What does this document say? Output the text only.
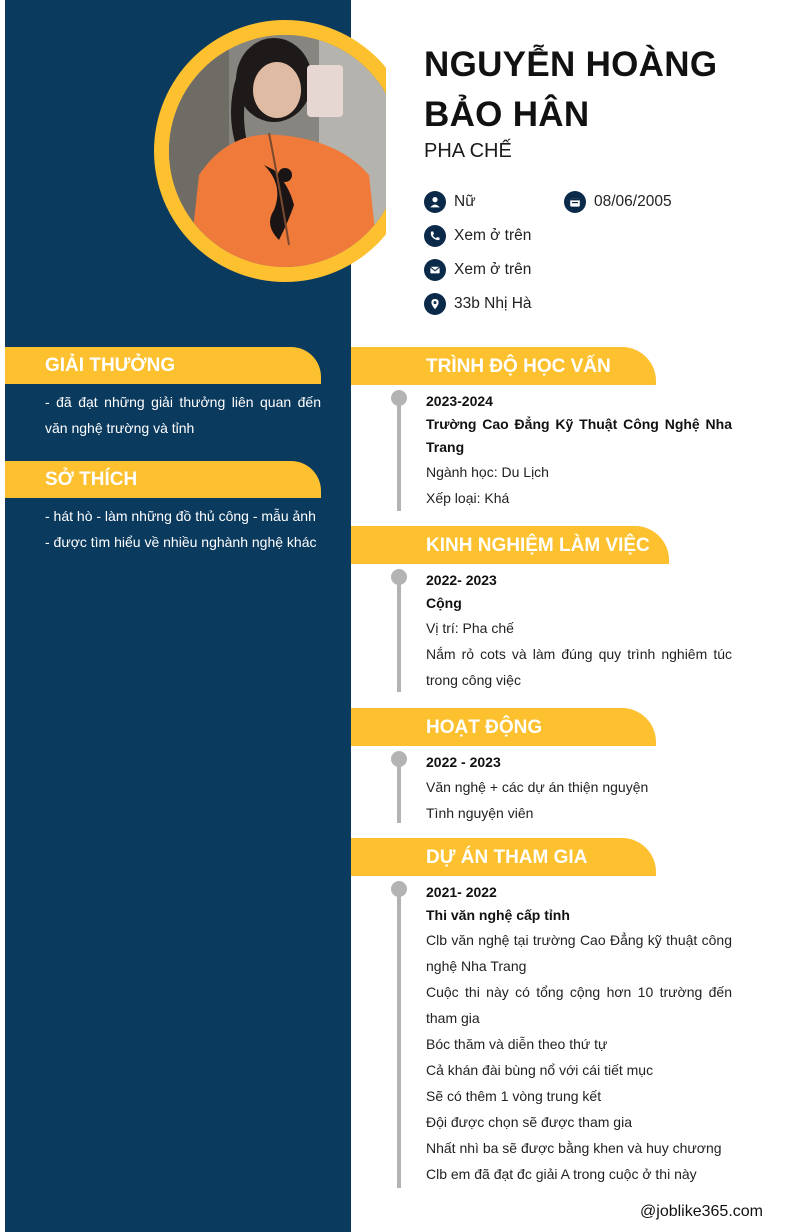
NGUYỄN HOÀNG BẢO HÂN
PHA CHẾ
Nữ	08/06/2005
Xem ở trên
Xem ở trên
33b Nhị Hà
GIẢI THƯỞNG
- đã đạt những giải thưởng liên quan đến văn nghệ trường và tỉnh
SỞ THÍCH
- hát hò - làm những đồ thủ công - mẫu ảnh - được tìm hiểu về nhiều nghành nghệ khác
TRÌNH ĐỘ HỌC VẤN
2023-2024
Trường Cao Đẳng Kỹ Thuật Công Nghệ Nha Trang
Ngành học: Du Lịch
Xếp loại: Khá
KINH NGHIỆM LÀM VIỆC
2022- 2023
Cộng
Vị trí: Pha chế
Nắm rỏ cots và làm đúng quy trình nghiêm túc trong công việc
HOẠT ĐỘNG
2022 - 2023
Văn nghệ + các dự án thiện nguyện
Tình nguyện viên
DỰ ÁN THAM GIA
2021- 2022
Thi văn nghệ cấp tỉnh
Clb văn nghệ tại trường Cao Đẳng kỹ thuật công nghệ Nha Trang
Cuộc thi này có tổng cộng hơn 10 trường đến tham gia
Bóc thăm và diễn theo thứ tự
Cả khán đài bùng nổ với cái tiết mục
Sẽ có thêm 1 vòng trung kết
Đội được chọn sẽ được tham gia
Nhất nhì ba sẽ được bằng khen và huy chương
Clb em đã đạt đc giải A trong cuộc ở thi này
@joblike365.com
